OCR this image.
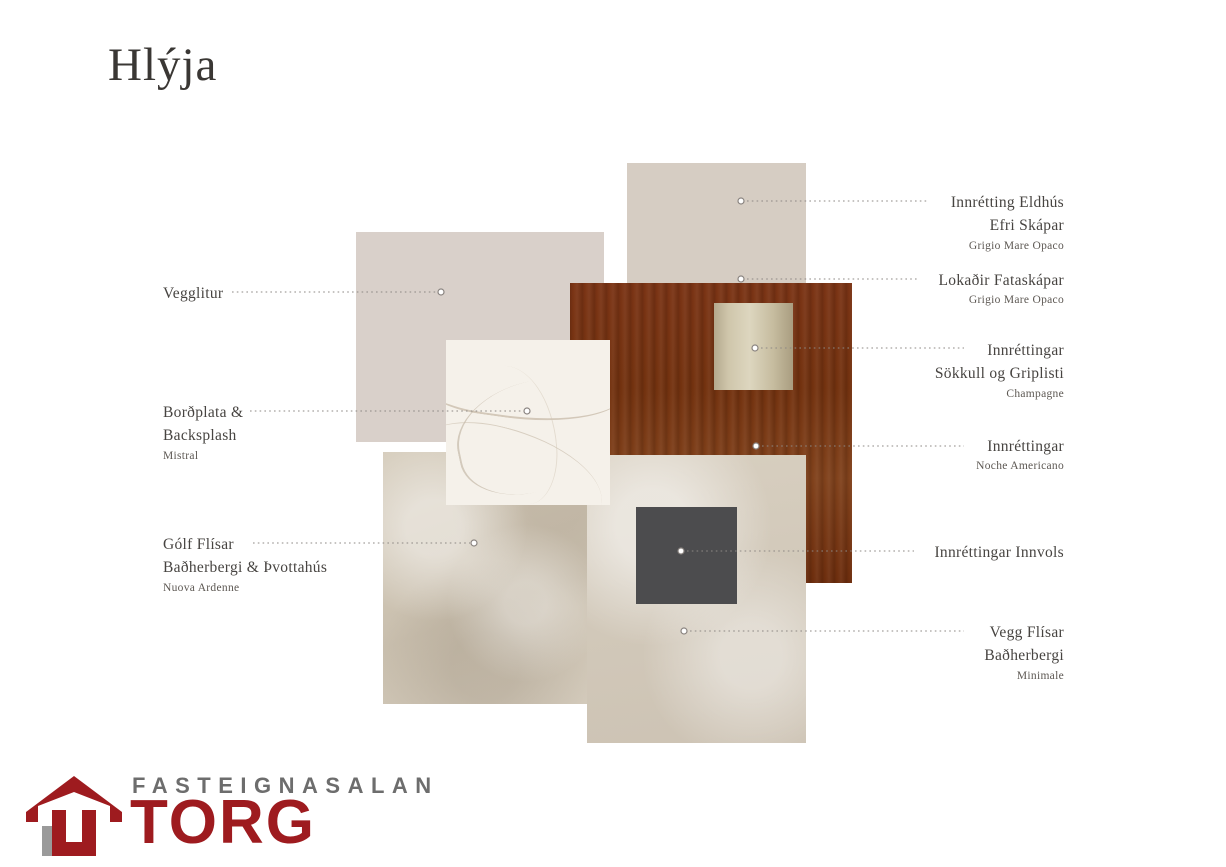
Hlýja
Vegglitur
Borðplata &
Backsplash
Mistral
Gólf Flísar
Baðherbergi & Þvottahús
Nuova Ardenne
Innrétting Eldhús
Efri Skápar
Grigio Mare Opaco
Lokaðir Fataskápar
Grigio Mare Opaco
Innréttingar
Sökkull og Griplisti
Champagne
Innréttingar
Noche Americano
Innréttingar Innvols
Vegg Flísar
Baðherbergi
Minimale
FASTEIGNASALAN
TORG
